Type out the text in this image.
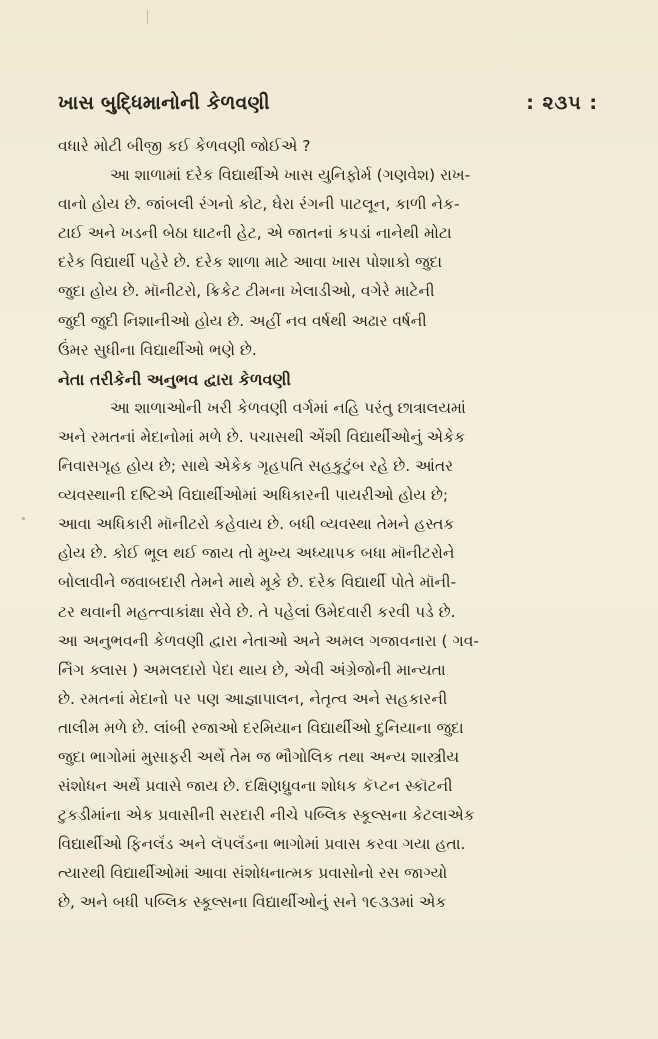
ખાસ બુદ્ધિમાનોની કેળવણી	: ૨૩૫ :
વધારે મોટી બીજી કઈ કેળવણી જોઈએ ?
આ શાળામાં દરેક વિદ્યાર્થીએ ખાસ યુનિફોર્મ (ગણવેશ) રાખ-
વાનો હોય છે. જાંબલી રંગનો કોટ, ઘેરા રંગની પાટલૂન, કાળી નેક-
ટાઈ અને ખડની બેઠા ઘાટની હેટ, એ જાતનાં કપડાં નાનેથી મોટા
દરેક વિદ્યાર્થી પહેરે છે. દરેક શાળા માટે આવા ખાસ પોશાકો જુદા
જુદા હોય છે. મૉનીટરો, ક્રિકેટ ટીમના ખેલાડીઓ, વગેરે માટેની
જુદી જુદી નિશાનીઓ હોય છે. અહીં નવ વર્ષથી અઢાર વર્ષની
ઉંમર સુધીના વિદ્યાર્થીઓ ભણે છે.
નેતા તરીકેની અનુભવ દ્વારા કેળવણી
આ શાળાઓની ખરી કેળવણી વર્ગમાં નહિ પરંતુ છાત્રાલયમાં
અને રમતનાં મેદાનોમાં મળે છે. પચાસથી એંશી વિદ્યાર્થીઓનું એકેક
નિવાસગૃહ હોય છે; સાથે એકેક ગૃહપતિ સહકુટુંબ રહે છે. આંતર
વ્યવસ્થાની દષ્ટિએ વિદ્યાર્થીઓમાં અધિકારની પાયરીઓ હોય છે;
આવા અધિકારી મૉનીટરો કહેવાય છે. બધી વ્યવસ્થા તેમને હસ્તક
હોય છે. કોઈ ભૂલ થઈ જાય તો મુખ્ય અધ્યાપક બધા મૉનીટરોને
બોલાવીને જવાબદારી તેમને માથે મૂકે છે. દરેક વિદ્યાર્થી પોતે મૉની-
ટર થવાની મહત્ત્વાકાંક્ષા સેવે છે. તે પહેલાં ઉમેદવારી કરવી પડે છે.
આ અનુભવની કેળવણી દ્વારા નેતાઓ અને અમલ ગજાવનારા ( ગવ-
ર્નિંગ ક્લાસ ) અમલદારો પેદા થાય છે, એવી અંગ્રેજોની માન્યતા
છે. રમતનાં મેદાનો પર પણ આજ્ઞાપાલન, નેતૃત્વ અને સહકારની
તાલીમ મળે છે. લાંબી રજાઓ દરમિયાન વિદ્યાર્થીઓ દુનિયાના જુદા
જુદા ભાગોમાં મુસાફરી અર્થે તેમ જ ભૌગોલિક તથા અન્ય શાસ્ત્રીય
સંશોધન અર્થે પ્રવાસે જાય છે. દક્ષિણધ્રુવના શોધક કૅપ્ટન સ્કૉટની
ટુકડીમાંના એક પ્રવાસીની સરદારી નીચે પબ્લિક સ્કૂલ્સના કેટલાએક
વિદ્યાર્થીઓ ફિનલૅંડ અને લૅપલૅંડના ભાગોમાં પ્રવાસ કરવા ગયા હતા.
ત્યારથી વિદ્યાર્થીઓમાં આવા સંશોધનાત્મક પ્રવાસોનો રસ જાગ્યો
છે, અને બધી પબ્લિક સ્કૂલ્સના વિદ્યાર્થીઓનું સને ૧૯૩૩માં એક
